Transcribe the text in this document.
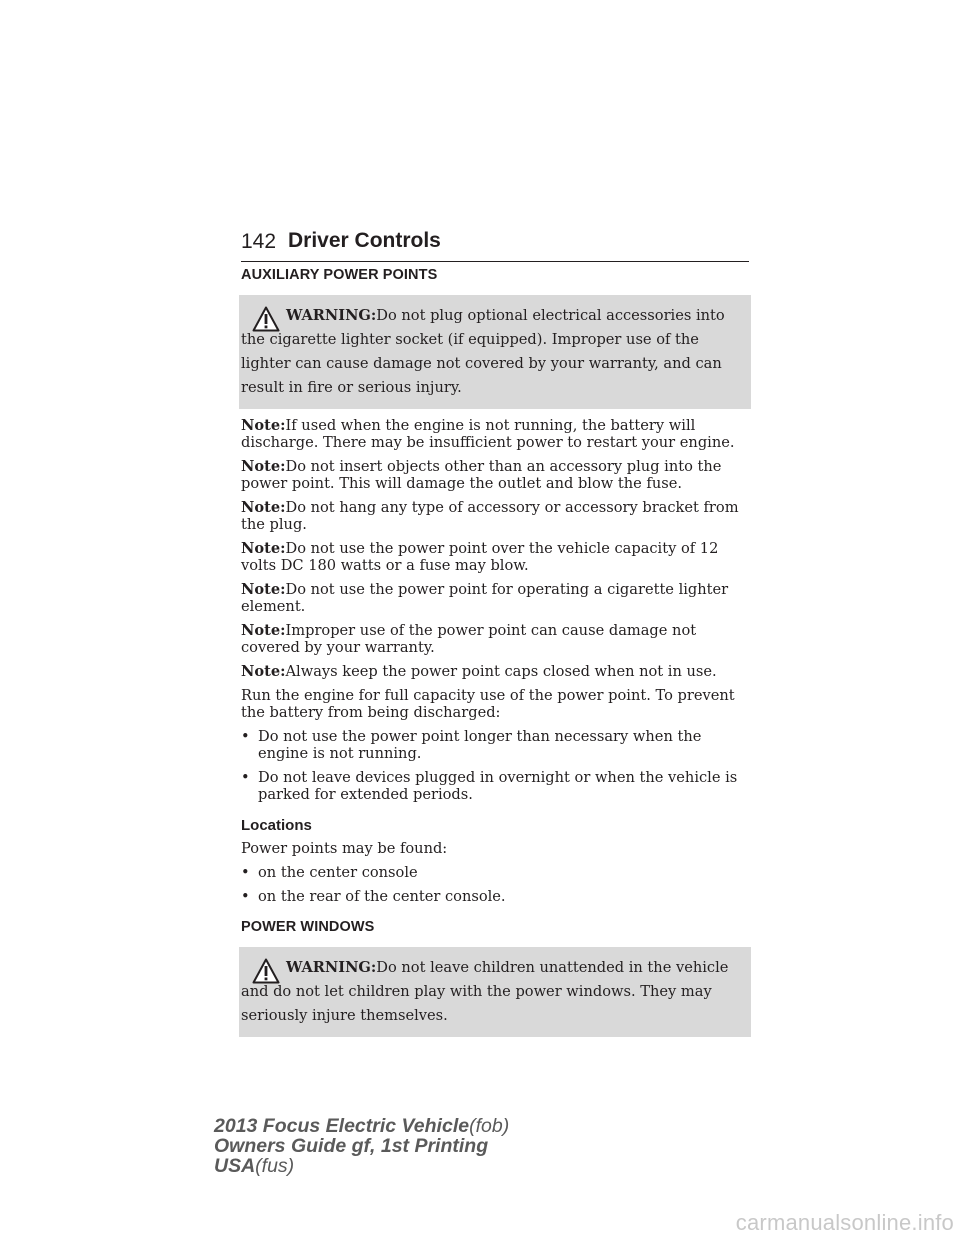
142 Driver Controls
AUXILIARY POWER POINTS
WARNING:Do not plug optional electrical accessories into the cigarette lighter socket (if equipped). Improper use of the lighter can cause damage not covered by your warranty, and can result in fire or serious injury.

Note:If used when the engine is not running, the battery will discharge. There may be insufficient power to restart your engine.

Note:Do not insert objects other than an accessory plug into the power point. This will damage the outlet and blow the fuse.

Note:Do not hang any type of accessory or accessory bracket from the plug.

Note:Do not use the power point over the vehicle capacity of 12 volts DC 180 watts or a fuse may blow.

Note:Do not use the power point for operating a cigarette lighter element.

Note:Improper use of the power point can cause damage not covered by your warranty.

Note:Always keep the power point caps closed when not in use.

Run the engine for full capacity use of the power point. To prevent the battery from being discharged:

• Do not use the power point longer than necessary when the engine is not running.
• Do not leave devices plugged in overnight or when the vehicle is parked for extended periods.
Locations

Power points may be found:

• on the center console
• on the rear of the center console.
POWER WINDOWS
WARNING:Do not leave children unattended in the vehicle and do not let children play with the power windows. They may seriously injure themselves.
2013 Focus Electric Vehicle(fob)
Owners Guide gf, 1st Printing
USA(fus)
carmanualsonline.info
